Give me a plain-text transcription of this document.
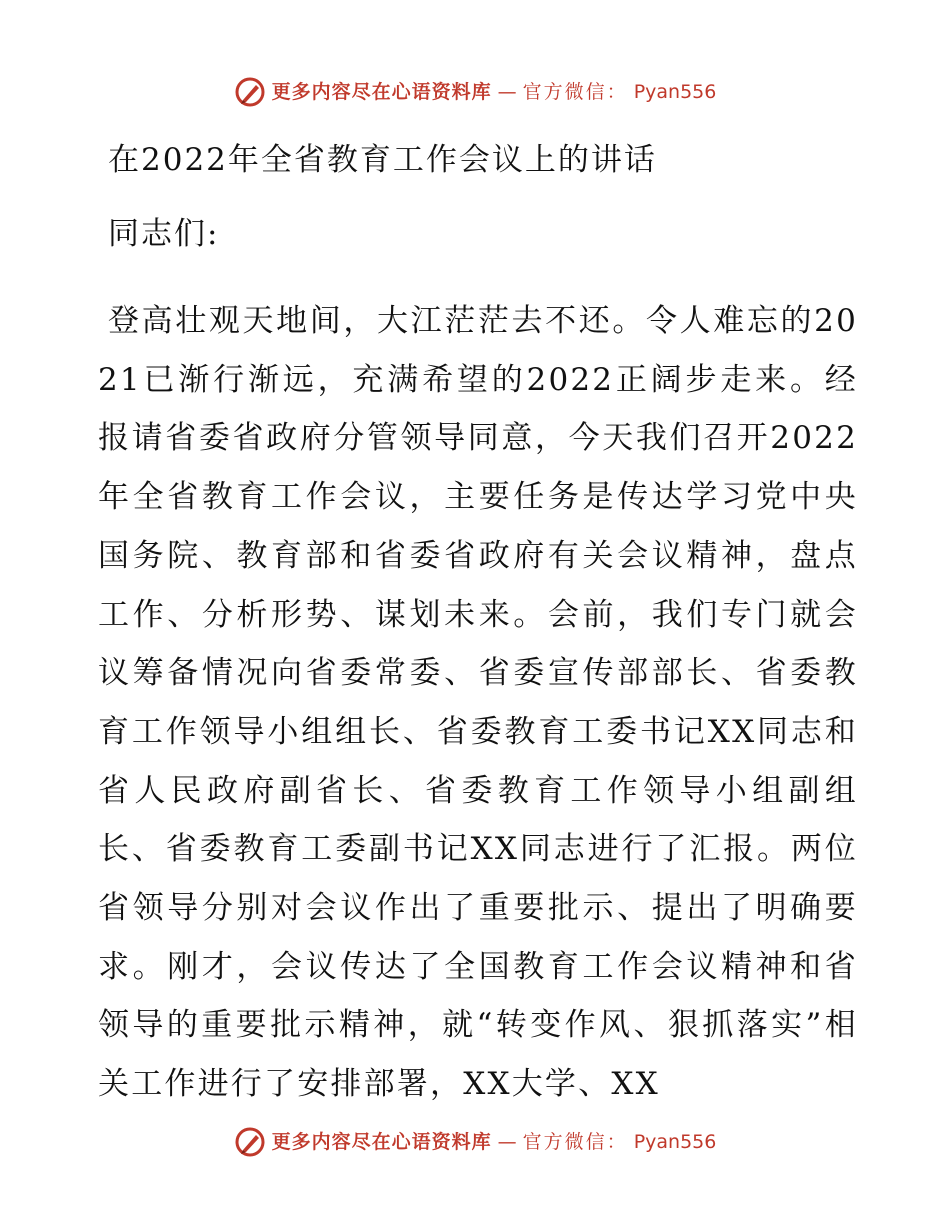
更多内容尽在心语资料库 — 官方微信： Pyan556
在2022年全省教育工作会议上的讲话
同志们:

登高壮观天地间，大江茫茫去不还。令人难忘的2021已渐行渐远，充满希望的2022正阔步走来。经报请省委省政府分管领导同意，今天我们召开2022年全省教育工作会议，主要任务是传达学习党中央国务院、教育部和省委省政府有关会议精神，盘点工作、分析形势、谋划未来。会前，我们专门就会议筹备情况向省委常委、省委宣传部部长、省委教育工作领导小组组长、省委教育工委书记XX同志和省人民政府副省长、省委教育工作领导小组副组长、省委教育工委副书记XX同志进行了汇报。两位省领导分别对会议作出了重要批示、提出了明确要求。刚才，会议传达了全国教育工作会议精神和省领导的重要批示精神，就“转变作风、狠抓落实”相关工作进行了安排部署，XX大学、XX

更多内容尽在心语资料库 — 官方微信： Pyan556
